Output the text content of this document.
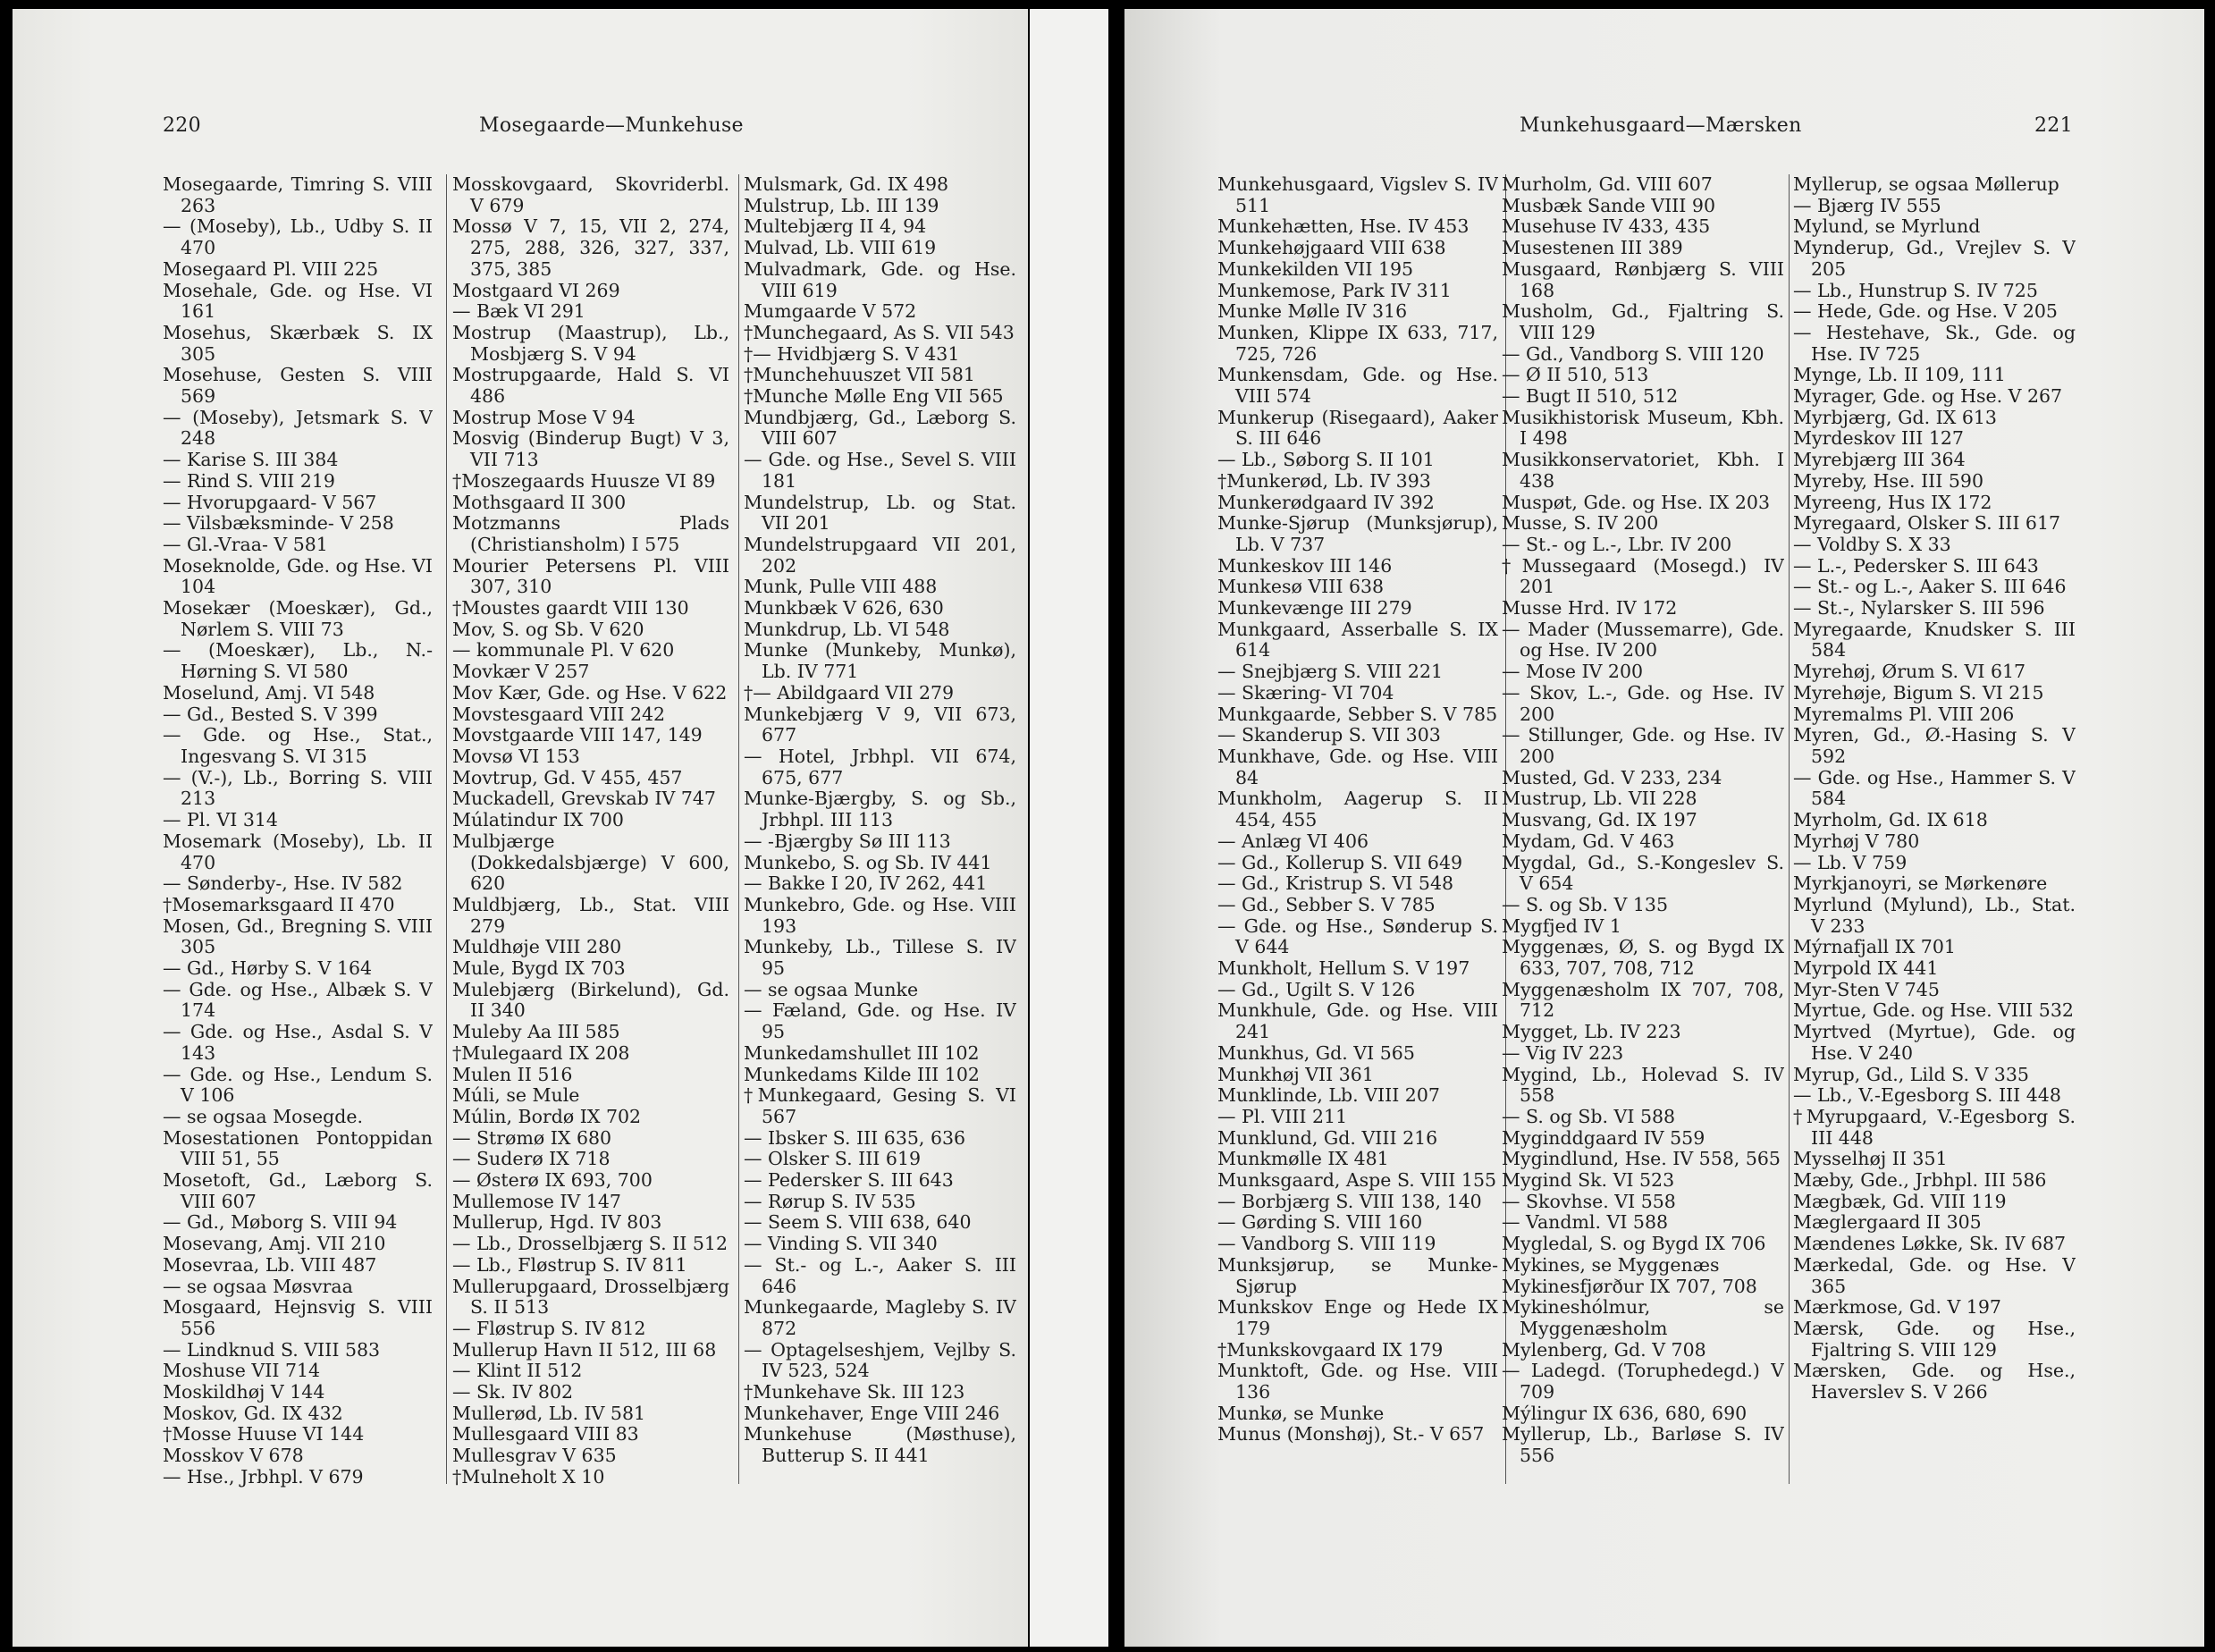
220	Mosegaarde—Munkehuse
Mosegaarde, Timring S. VIII 263
— (Moseby), Lb., Udby S. II 470
Mosegaard Pl. VIII 225
Mosehale, Gde. og Hse. VI 161
Mosehus, Skærbæk S. IX 305
Mosehuse, Gesten S. VIII 569
— (Moseby), Jetsmark S. V 248
— Karise S. III 384
— Rind S. VIII 219
— Hvorupgaard- V 567
— Vilsbæksminde- V 258
— Gl.-Vraa- V 581
Moseknolde, Gde. og Hse. VI 104
Mosekær (Moeskær), Gd., Nørlem S. VIII 73
— (Moeskær), Lb., N.-Hørning S. VI 580
Moselund, Amj. VI 548
— Gd., Bested S. V 399
— Gde. og Hse., Stat., Ingesvang S. VI 315
— (V.-), Lb., Borring S. VIII 213
— Pl. VI 314
Mosemark (Moseby), Lb. II 470
— Sønderby-, Hse. IV 582
†Mosemarksgaard II 470
Mosen, Gd., Bregning S. VIII 305
— Gd., Hørby S. V 164
— Gde. og Hse., Albæk S. V 174
— Gde. og Hse., Asdal S. V 143
— Gde. og Hse., Lendum S. V 106
— se ogsaa Mosegde.
Mosestationen Pontoppidan VIII 51, 55
Mosetoft, Gd., Læborg S. VIII 607
— Gd., Møborg S. VIII 94
Mosevang, Amj. VII 210
Mosevraa, Lb. VIII 487
— se ogsaa Møsvraa
Mosgaard, Hejnsvig S. VIII 556
— Lindknud S. VIII 583
Moshuse VII 714
Moskildhøj V 144
Moskov, Gd. IX 432
†Mosse Huuse VI 144
Mosskov V 678
— Hse., Jrbhpl. V 679
Mosskovgaard, Skovriderbl. V 679
Mossø V 7, 15, VII 2, 274, 275, 288, 326, 327, 337, 375, 385
Mostgaard VI 269
— Bæk VI 291
Mostrup (Maastrup), Lb., Mosbjærg S. V 94
Mostrupgaarde, Hald S. VI 486
Mostrup Mose V 94
Mosvig (Binderup Bugt) V 3, VII 713
†Moszegaards Huusze VI 89
Mothsgaard II 300
Motzmanns Plads (Christiansholm) I 575
Mourier Petersens Pl. VIII 307, 310
†Moustes gaardt VIII 130
Mov, S. og Sb. V 620
— kommunale Pl. V 620
Movkær V 257
Mov Kær, Gde. og Hse. V 622
Movstesgaard VIII 242
Movstgaarde VIII 147, 149
Movsø VI 153
Movtrup, Gd. V 455, 457
Muckadell, Grevskab IV 747
Múlatindur IX 700
Mulbjærge (Dokkedalsbjærge) V 600, 620
Muldbjærg, Lb., Stat. VIII 279
Muldhøje VIII 280
Mule, Bygd IX 703
Mulebjærg (Birkelund), Gd. II 340
Muleby Aa III 585
†Mulegaard IX 208
Mulen II 516
Múli, se Mule
Múlin, Bordø IX 702
— Strømø IX 680
— Suderø IX 718
— Østerø IX 693, 700
Mullemose IV 147
Mullerup, Hgd. IV 803
— Lb., Drosselbjærg S. II 512
— Lb., Fløstrup S. IV 811
Mullerupgaard, Drosselbjærg S. II 513
— Fløstrup S. IV 812
Mullerup Havn II 512, III 68
— Klint II 512
— Sk. IV 802
Mullerød, Lb. IV 581
Mullesgaard VIII 83
Mullesgrav V 635
†Mulneholt X 10
Mulsmark, Gd. IX 498
Mulstrup, Lb. III 139
Multebjærg II 4, 94
Mulvad, Lb. VIII 619
Mulvadmark, Gde. og Hse. VIII 619
Mumgaarde V 572
†Munchegaard, As S. VII 543
†— Hvidbjærg S. V 431
†Munchehuuszet VII 581
†Munche Mølle Eng VII 565
Mundbjærg, Gd., Læborg S. VIII 607
— Gde. og Hse., Sevel S. VIII 181
Mundelstrup, Lb. og Stat. VII 201
Mundelstrupgaard VII 201, 202
Munk, Pulle VIII 488
Munkbæk V 626, 630
Munkdrup, Lb. VI 548
Munke (Munkeby, Munkø), Lb. IV 771
†— Abildgaard VII 279
Munkebjærg V 9, VII 673, 677
— Hotel, Jrbhpl. VII 674, 675, 677
Munke-Bjærgby, S. og Sb., Jrbhpl. III 113
— -Bjærgby Sø III 113
Munkebo, S. og Sb. IV 441
— Bakke I 20, IV 262, 441
Munkebro, Gde. og Hse. VIII 193
Munkeby, Lb., Tillese S. IV 95
— se ogsaa Munke
— Fæland, Gde. og Hse. IV 95
Munkedamshullet III 102
Munkedams Kilde III 102
†Munkegaard, Gesing S. VI 567
— Ibsker S. III 635, 636
— Olsker S. III 619
— Pedersker S. III 643
— Rørup S. IV 535
— Seem S. VIII 638, 640
— Vinding S. VII 340
— St.- og L.-, Aaker S. III 646
Munkegaarde, Magleby S. IV 872
— Optagelseshjem, Vejlby S. IV 523, 524
†Munkehave Sk. III 123
Munkehaver, Enge VIII 246
Munkehuse (Møsthuse), Butterup S. II 441
Munkehusgaard—Mærsken	221
Munkehusgaard, Vigslev S. IV 511
Munkehætten, Hse. IV 453
Munkehøjgaard VIII 638
Munkekilden VII 195
Munkemose, Park IV 311
Munke Mølle IV 316
Munken, Klippe IX 633, 717, 725, 726
Munkensdam, Gde. og Hse. VIII 574
Munkerup (Risegaard), Aaker S. III 646
— Lb., Søborg S. II 101
†Munkerød, Lb. IV 393
Munkerødgaard IV 392
Munke-Sjørup (Munksjørup), Lb. V 737
Munkeskov III 146
Munkesø VIII 638
Munkevænge III 279
Munkgaard, Asserballe S. IX 614
— Snejbjærg S. VIII 221
— Skæring- VI 704
Munkgaarde, Sebber S. V 785
— Skanderup S. VII 303
Munkhave, Gde. og Hse. VIII 84
Munkholm, Aagerup S. II 454, 455
— Anlæg VI 406
— Gd., Kollerup S. VII 649
— Gd., Kristrup S. VI 548
— Gd., Sebber S. V 785
— Gde. og Hse., Sønderup S. V 644
Munkholt, Hellum S. V 197
— Gd., Ugilt S. V 126
Munkhule, Gde. og Hse. VIII 241
Munkhus, Gd. VI 565
Munkhøj VII 361
Munklinde, Lb. VIII 207
— Pl. VIII 211
Munklund, Gd. VIII 216
Munkmølle IX 481
Munksgaard, Aspe S. VIII 155
— Borbjærg S. VIII 138, 140
— Gørding S. VIII 160
— Vandborg S. VIII 119
Munksjørup, se Munke-Sjørup
Munkskov Enge og Hede IX 179
†Munkskovgaard IX 179
Munktoft, Gde. og Hse. VIII 136
Munkø, se Munke
Munus (Monshøj), St.- V 657
Murholm, Gd. VIII 607
Musbæk Sande VIII 90
Musehuse IV 433, 435
Musestenen III 389
Musgaard, Rønbjærg S. VIII 168
Musholm, Gd., Fjaltring S. VIII 129
— Gd., Vandborg S. VIII 120
— Ø II 510, 513
— Bugt II 510, 512
Musikhistorisk Museum, Kbh. I 498
Musikkonservatoriet, Kbh. I 438
Muspøt, Gde. og Hse. IX 203
Musse, S. IV 200
— St.- og L.-, Lbr. IV 200
†Mussegaard (Mosegd.) IV 201
Musse Hrd. IV 172
— Mader (Mussemarre), Gde. og Hse. IV 200
— Mose IV 200
— Skov, L.-, Gde. og Hse. IV 200
— Stillunger, Gde. og Hse. IV 200
Musted, Gd. V 233, 234
Mustrup, Lb. VII 228
Musvang, Gd. IX 197
Mydam, Gd. V 463
Mygdal, Gd., S.-Kongeslev S. V 654
— S. og Sb. V 135
Mygfjed IV 1
Myggenæs, Ø, S. og Bygd IX 633, 707, 708, 712
Myggenæsholm IX 707, 708, 712
Mygget, Lb. IV 223
— Vig IV 223
Mygind, Lb., Holevad S. IV 558
— S. og Sb. VI 588
Myginddgaard IV 559
Mygindlund, Hse. IV 558, 565
Mygind Sk. VI 523
— Skovhse. VI 558
— Vandml. VI 588
Mygledal, S. og Bygd IX 706
Mykines, se Myggenæs
Mykinesfjørður IX 707, 708
Mykineshólmur, se Myggenæsholm
Mylenberg, Gd. V 708
— Ladegd. (Toruphedegd.) V 709
Mýlingur IX 636, 680, 690
Myllerup, Lb., Barløse S. IV 556
Myllerup, se ogsaa Møllerup
— Bjærg IV 555
Mylund, se Myrlund
Mynderup, Gd., Vrejlev S. V 205
— Lb., Hunstrup S. IV 725
— Hede, Gde. og Hse. V 205
— Hestehave, Sk., Gde. og Hse. IV 725
Mynge, Lb. II 109, 111
Myrager, Gde. og Hse. V 267
Myrbjærg, Gd. IX 613
Myrdeskov III 127
Myrebjærg III 364
Myreby, Hse. III 590
Myreeng, Hus IX 172
Myregaard, Olsker S. III 617
— Voldby S. X 33
— L.-, Pedersker S. III 643
— St.- og L.-, Aaker S. III 646
— St.-, Nylarsker S. III 596
Myregaarde, Knudsker S. III 584
Myrehøj, Ørum S. VI 617
Myrehøje, Bigum S. VI 215
Myremalms Pl. VIII 206
Myren, Gd., Ø.-Hasing S. V 592
— Gde. og Hse., Hammer S. V 584
Myrholm, Gd. IX 618
Myrhøj V 780
— Lb. V 759
Myrkjanoyri, se Mørkenøre
Myrlund (Mylund), Lb., Stat. V 233
Mýrnafjall IX 701
Myrpold IX 441
Myr-Sten V 745
Myrtue, Gde. og Hse. VIII 532
Myrtved (Myrtue), Gde. og Hse. V 240
Myrup, Gd., Lild S. V 335
— Lb., V.-Egesborg S. III 448
†Myrupgaard, V.-Egesborg S. III 448
Mysselhøj II 351
Mæby, Gde., Jrbhpl. III 586
Mægbæk, Gd. VIII 119
Mæglergaard II 305
Mændenes Løkke, Sk. IV 687
Mærkedal, Gde. og Hse. V 365
Mærkmose, Gd. V 197
Mærsk, Gde. og Hse., Fjaltring S. VIII 129
Mærsken, Gde. og Hse., Haverslev S. V 266
